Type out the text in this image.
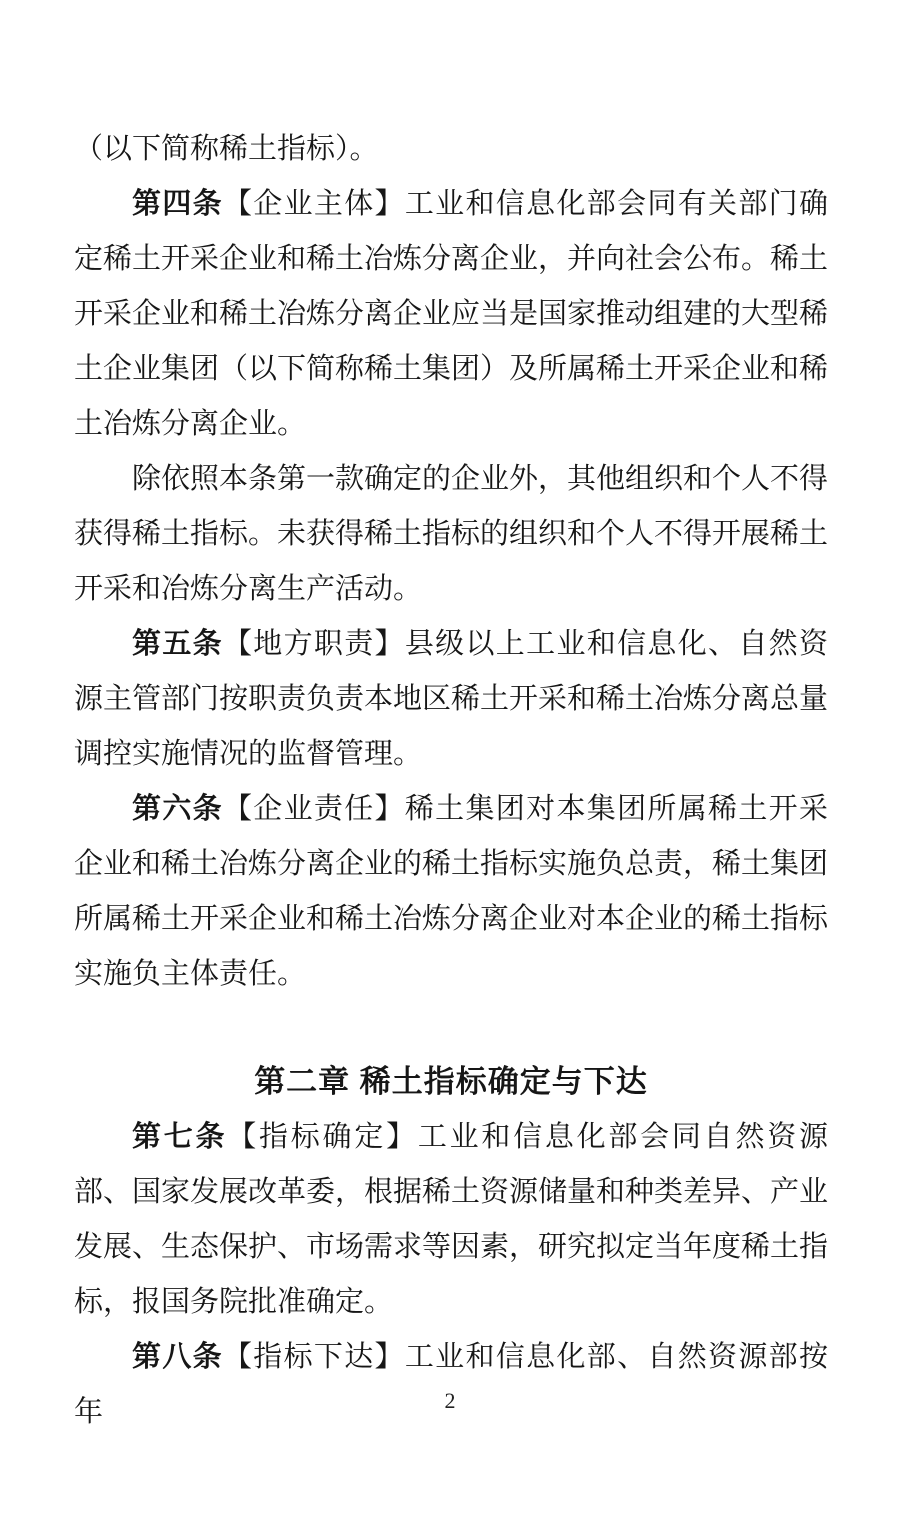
（以下简称稀土指标）。

第四条【企业主体】工业和信息化部会同有关部门确定稀土开采企业和稀土冶炼分离企业，并向社会公布。稀土开采企业和稀土冶炼分离企业应当是国家推动组建的大型稀土企业集团（以下简称稀土集团）及所属稀土开采企业和稀土冶炼分离企业。

除依照本条第一款确定的企业外，其他组织和个人不得获得稀土指标。未获得稀土指标的组织和个人不得开展稀土开采和冶炼分离生产活动。

第五条【地方职责】县级以上工业和信息化、自然资源主管部门按职责负责本地区稀土开采和稀土冶炼分离总量调控实施情况的监督管理。

第六条【企业责任】稀土集团对本集团所属稀土开采企业和稀土冶炼分离企业的稀土指标实施负总责，稀土集团所属稀土开采企业和稀土冶炼分离企业对本企业的稀土指标实施负主体责任。

第二章 稀土指标确定与下达

第七条【指标确定】工业和信息化部会同自然资源部、国家发展改革委，根据稀土资源储量和种类差异、产业发展、生态保护、市场需求等因素，研究拟定当年度稀土指标，报国务院批准确定。

第八条【指标下达】工业和信息化部、自然资源部按年	2
